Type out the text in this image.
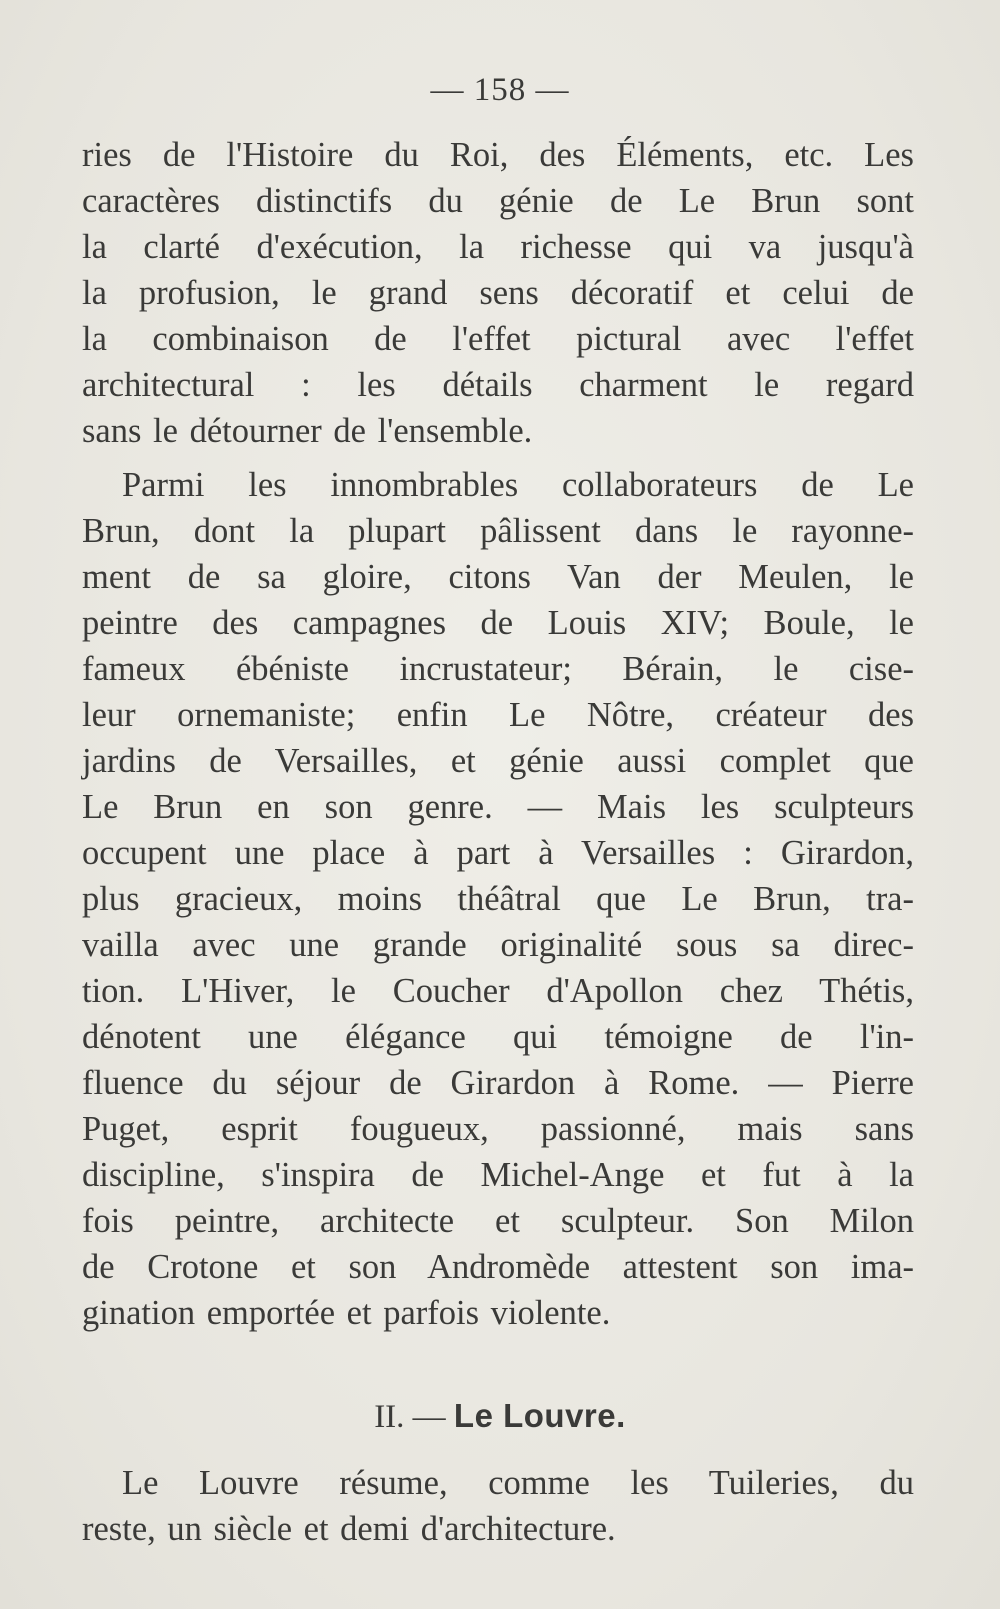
— 158 —
ries de l'Histoire du Roi, des Éléments, etc. Les
caractères distinctifs du génie de Le Brun sont
la clarté d'exécution, la richesse qui va jusqu'à
la profusion, le grand sens décoratif et celui de
la combinaison de l'effet pictural avec l'effet
architectural : les détails charment le regard
sans le détourner de l'ensemble.
Parmi les innombrables collaborateurs de Le
Brun, dont la plupart pâlissent dans le rayonne-
ment de sa gloire, citons Van der Meulen, le
peintre des campagnes de Louis XIV; Boule, le
fameux ébéniste incrustateur; Bérain, le cise-
leur ornemaniste; enfin Le Nôtre, créateur des
jardins de Versailles, et génie aussi complet que
Le Brun en son genre. — Mais les sculpteurs
occupent une place à part à Versailles : Girardon,
plus gracieux, moins théâtral que Le Brun, tra-
vailla avec une grande originalité sous sa direc-
tion. L'Hiver, le Coucher d'Apollon chez Thétis,
dénotent une élégance qui témoigne de l'in-
fluence du séjour de Girardon à Rome. — Pierre
Puget, esprit fougueux, passionné, mais sans
discipline, s'inspira de Michel-Ange et fut à la
fois peintre, architecte et sculpteur. Son Milon
de Crotone et son Andromède attestent son ima-
gination emportée et parfois violente.
II. — Le Louvre.
Le Louvre résume, comme les Tuileries, du
reste, un siècle et demi d'architecture.
